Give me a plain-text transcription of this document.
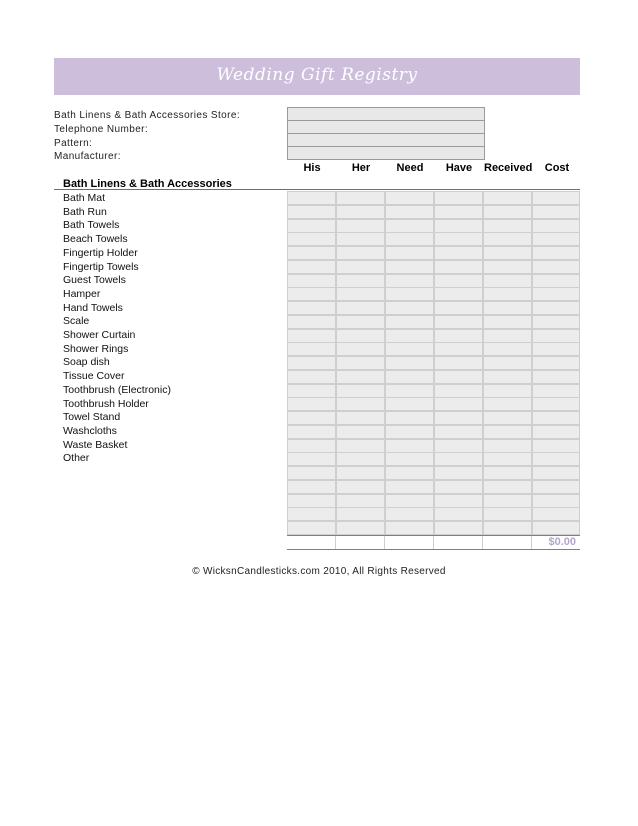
Wedding Gift Registry
Bath Linens & Bath Accessories Store:
Telephone Number:
Pattern:
Manufacturer:
His	Her	Need	Have	Received	Cost
Bath Linens & Bath Accessories
Bath Mat
Bath Run
Bath Towels
Beach Towels
Fingertip Holder
Fingertip Towels
Guest Towels
Hamper
Hand Towels
Scale
Shower Curtain
Shower Rings
Soap dish
Tissue Cover
Toothbrush (Electronic)
Toothbrush Holder
Towel Stand
Washcloths
Waste Basket
Other
$0.00
© WicksnCandlesticks.com 2010, All Rights Reserved
